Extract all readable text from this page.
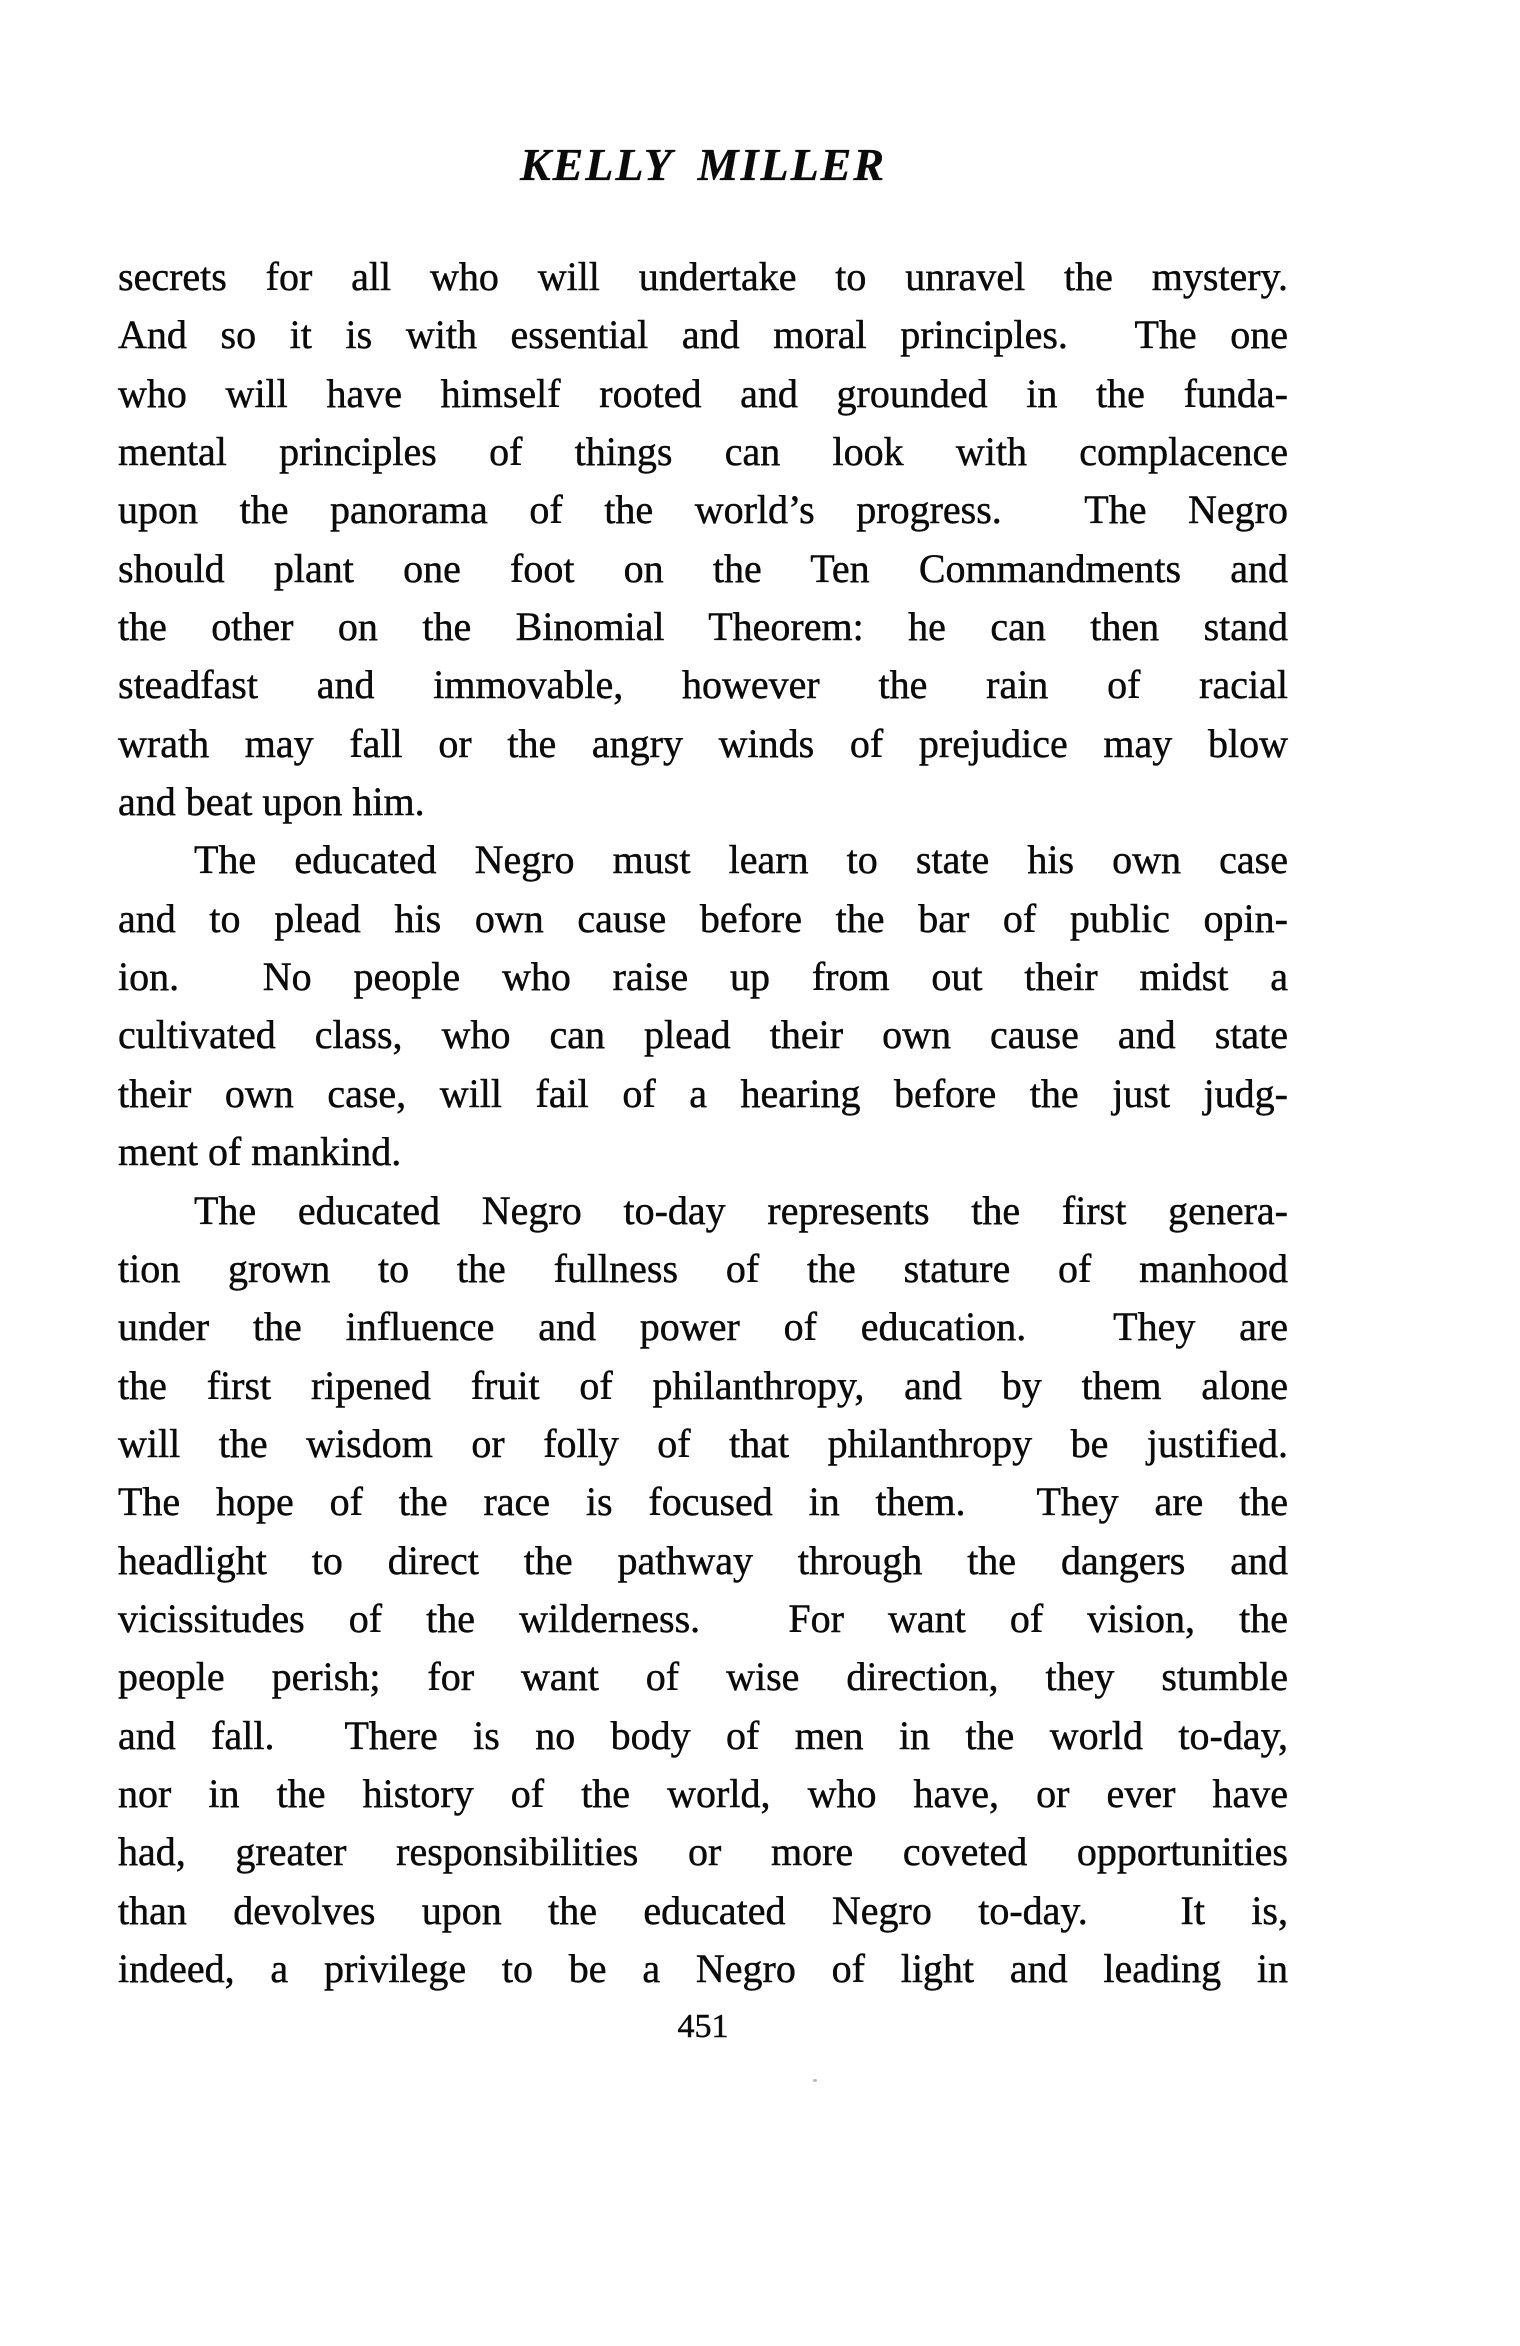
KELLY MILLER
secrets for all who will undertake to unravel the mystery.
And so it is with essential and moral principles.  The one
who will have himself rooted and grounded in the funda-
mental principles of things can look with complacence
upon the panorama of the world’s progress.  The Negro
should plant one foot on the Ten Commandments and
the other on the Binomial Theorem: he can then stand
steadfast and immovable, however the rain of racial
wrath may fall or the angry winds of prejudice may blow
and beat upon him.
The educated Negro must learn to state his own case
and to plead his own cause before the bar of public opin-
ion.  No people who raise up from out their midst a
cultivated class, who can plead their own cause and state
their own case, will fail of a hearing before the just judg-
ment of mankind.
The educated Negro to-day represents the first genera-
tion grown to the fullness of the stature of manhood
under the influence and power of education.  They are
the first ripened fruit of philanthropy, and by them alone
will the wisdom or folly of that philanthropy be justified.
The hope of the race is focused in them.  They are the
headlight to direct the pathway through the dangers and
vicissitudes of the wilderness.  For want of vision, the
people perish; for want of wise direction, they stumble
and fall.  There is no body of men in the world to-day,
nor in the history of the world, who have, or ever have
had, greater responsibilities or more coveted opportunities
than devolves upon the educated Negro to-day.  It is,
indeed, a privilege to be a Negro of light and leading in
451
